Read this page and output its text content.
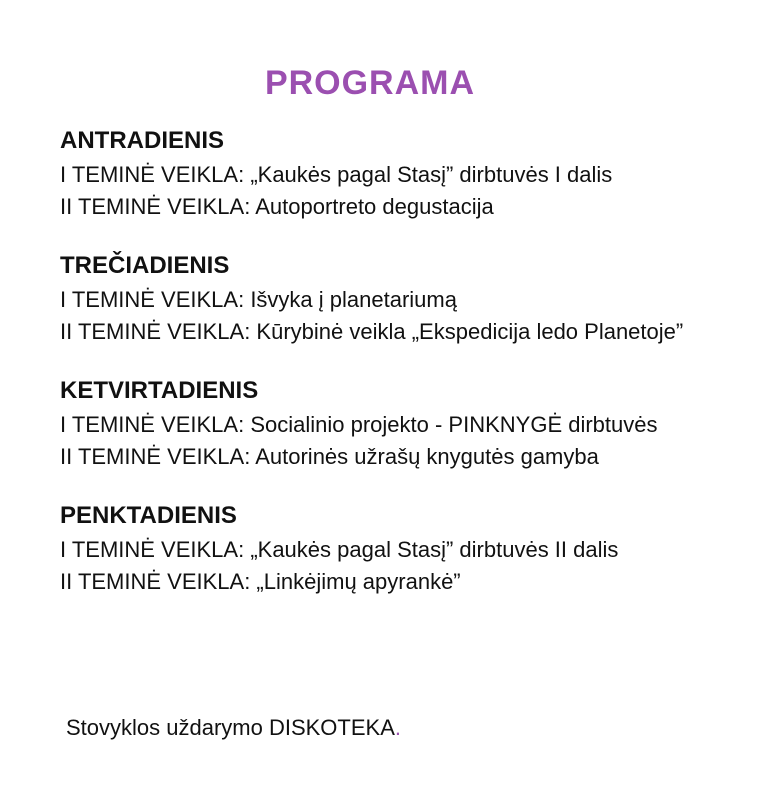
PROGRAMA
ANTRADIENIS

I TEMINĖ VEIKLA: „Kaukės pagal Stasį” dirbtuvės I dalis

II TEMINĖ VEIKLA: Autoportreto degustacija

TREČIADIENIS

I TEMINĖ VEIKLA: Išvyka į planetariumą

II TEMINĖ VEIKLA: Kūrybinė veikla „Ekspedicija ledo Planetoje”

KETVIRTADIENIS

I TEMINĖ VEIKLA: Socialinio projekto - PINKNYGĖ dirbtuvės

II TEMINĖ VEIKLA: Autorinės užrašų knygutės gamyba

PENKTADIENIS

I TEMINĖ VEIKLA: „Kaukės pagal Stasį” dirbtuvės II dalis

II TEMINĖ VEIKLA: „Linkėjimų apyrankė”

Stovyklos uždarymo DISKOTEKA.
